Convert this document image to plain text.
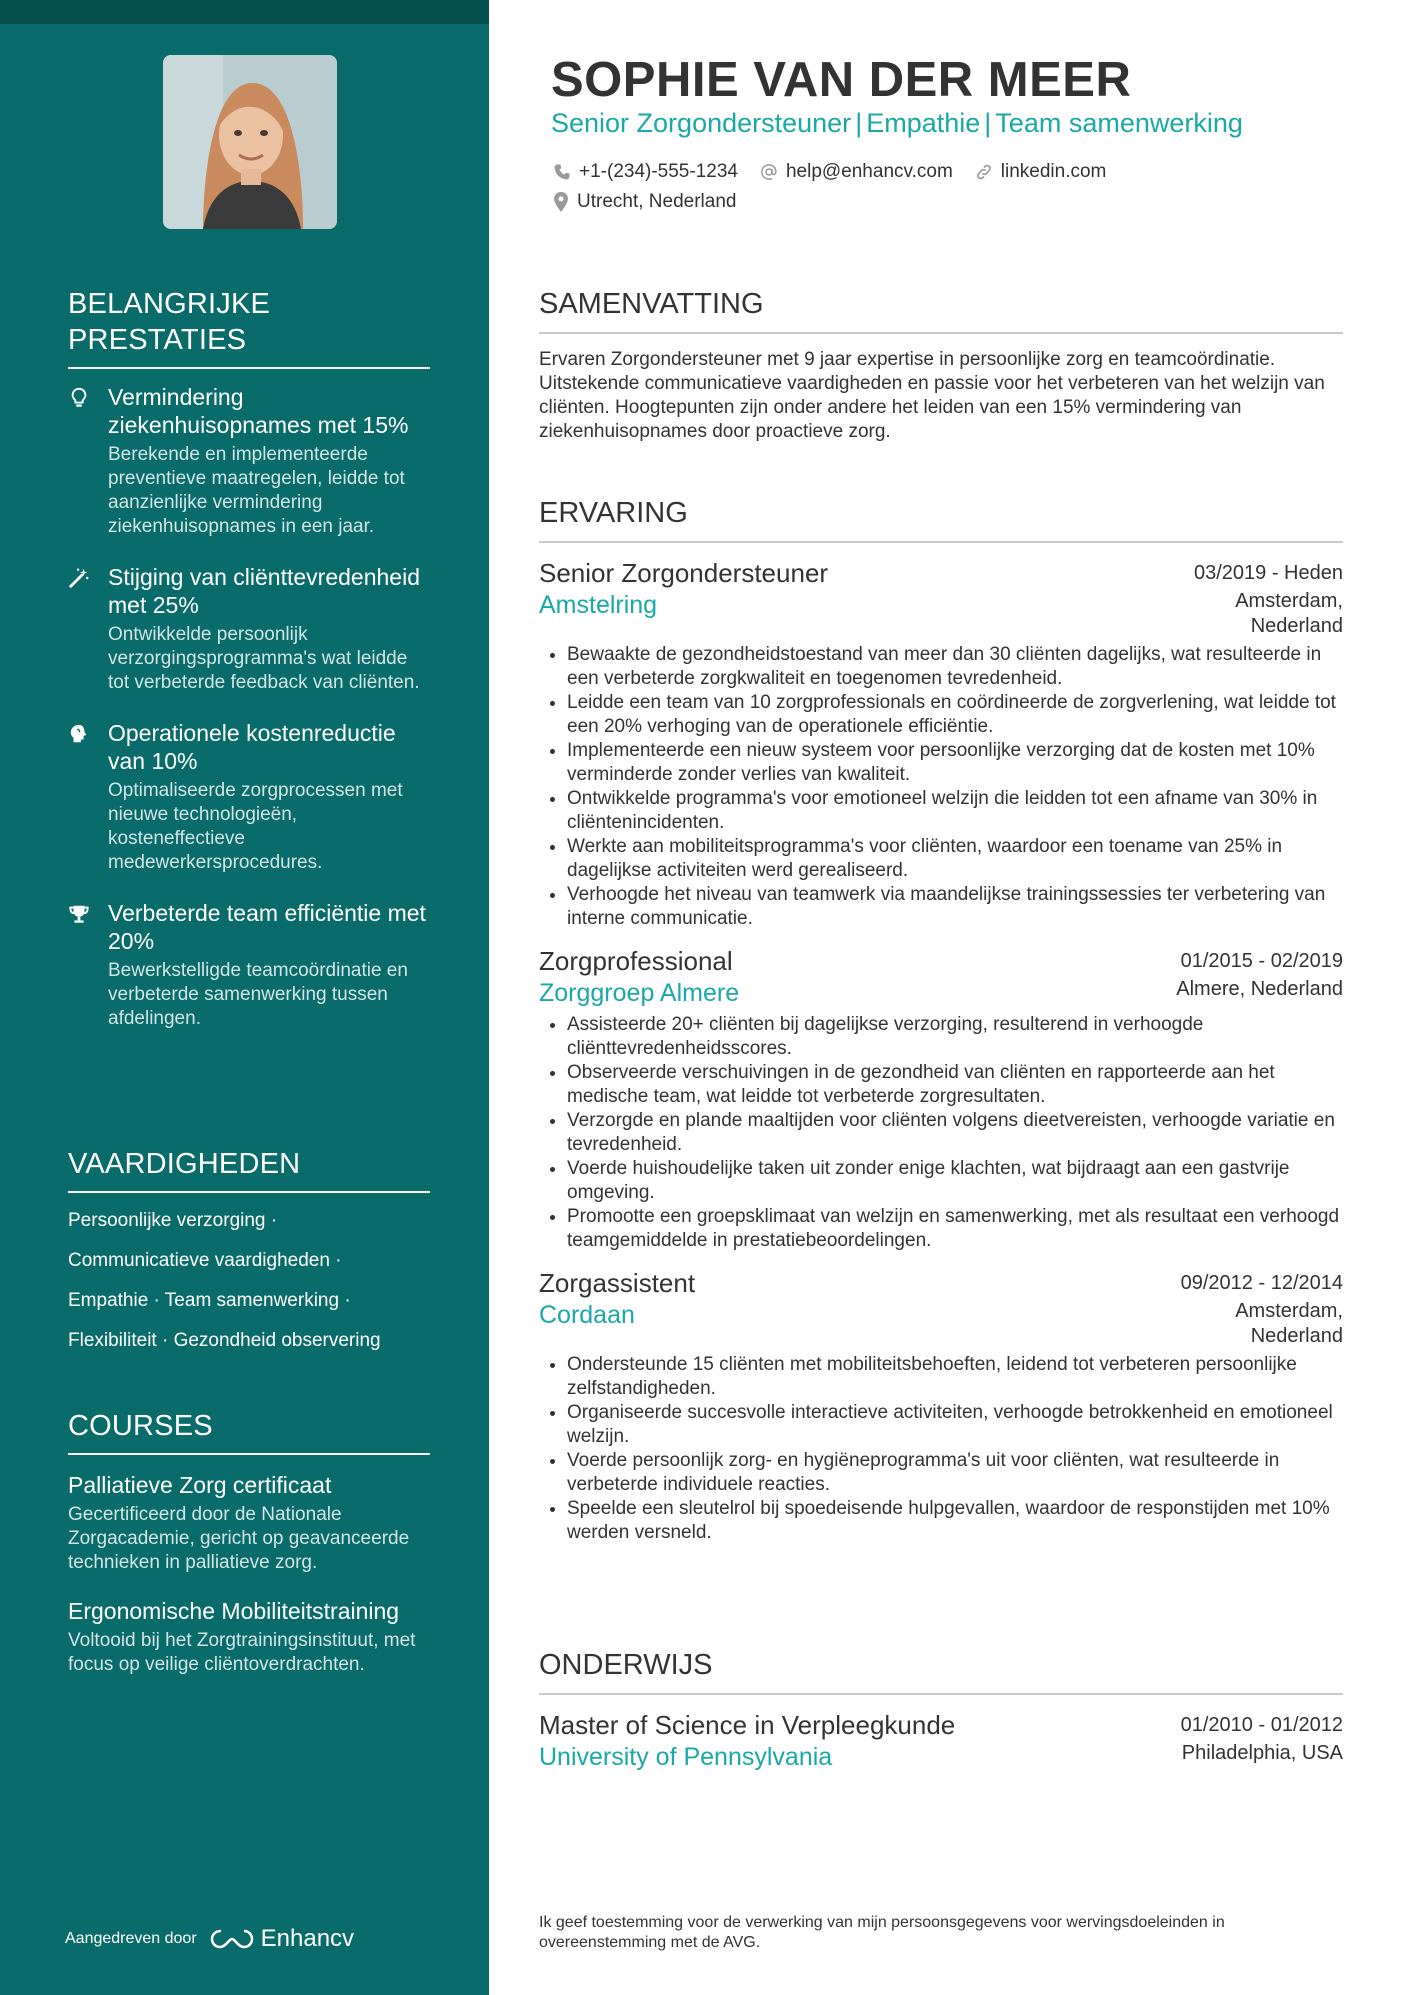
BELANGRIJKE PRESTATIES
Vermindering ziekenhuisopnames met 15%
Berekende en implementeerde preventieve maatregelen, leidde tot aanzienlijke vermindering ziekenhuisopnames in een jaar.
Stijging van cliënttevredenheid met 25%
Ontwikkelde persoonlijk verzorgingsprogramma's wat leidde tot verbeterde feedback van cliënten.
Operationele kostenreductie van 10%
Optimaliseerde zorgprocessen met nieuwe technologieën, kosteneffectieve medewerkersprocedures.
Verbeterde team efficiëntie met 20%
Bewerkstelligde teamcoördinatie en verbeterde samenwerking tussen afdelingen.
VAARDIGHEDEN
Persoonlijke verzorging ·
Communicatieve vaardigheden ·
Empathie · Team samenwerking ·
Flexibiliteit · Gezondheid observering
COURSES
Palliatieve Zorg certificaat
Gecertificeerd door de Nationale Zorgacademie, gericht op geavanceerde technieken in palliatieve zorg.
Ergonomische Mobiliteitstraining
Voltooid bij het Zorgtrainingsinstituut, met focus op veilige cliëntoverdrachten.
Aangedreven door	Enhancv
SOPHIE VAN DER MEER
Senior Zorgondersteuner | Empathie | Team samenwerking
+1-(234)-555-1234	help@enhancv.com	linkedin.com
Utrecht, Nederland
SAMENVATTING
Ervaren Zorgondersteuner met 9 jaar expertise in persoonlijke zorg en teamcoördinatie. Uitstekende communicatieve vaardigheden en passie voor het verbeteren van het welzijn van cliënten. Hoogtepunten zijn onder andere het leiden van een 15% vermindering van ziekenhuisopnames door proactieve zorg.
ERVARING
Senior Zorgondersteuner	03/2019 - Heden
Amstelring	Amsterdam, Nederland
• Bewaakte de gezondheidstoestand van meer dan 30 cliënten dagelijks, wat resulteerde in een verbeterde zorgkwaliteit en toegenomen tevredenheid.
• Leidde een team van 10 zorgprofessionals en coördineerde de zorgverlening, wat leidde tot een 20% verhoging van de operationele efficiëntie.
• Implementeerde een nieuw systeem voor persoonlijke verzorging dat de kosten met 10% verminderde zonder verlies van kwaliteit.
• Ontwikkelde programma's voor emotioneel welzijn die leidden tot een afname van 30% in cliëntenincidenten.
• Werkte aan mobiliteitsprogramma's voor cliënten, waardoor een toename van 25% in dagelijkse activiteiten werd gerealiseerd.
• Verhoogde het niveau van teamwerk via maandelijkse trainingssessies ter verbetering van interne communicatie.
Zorgprofessional	01/2015 - 02/2019
Zorggroep Almere	Almere, Nederland
• Assisteerde 20+ cliënten bij dagelijkse verzorging, resulterend in verhoogde cliënttevredenheidsscores.
• Observeerde verschuivingen in de gezondheid van cliënten en rapporteerde aan het medische team, wat leidde tot verbeterde zorgresultaten.
• Verzorgde en plande maaltijden voor cliënten volgens dieetvereisten, verhoogde variatie en tevredenheid.
• Voerde huishoudelijke taken uit zonder enige klachten, wat bijdraagt aan een gastvrije omgeving.
• Promootte een groepsklimaat van welzijn en samenwerking, met als resultaat een verhoogd teamgemiddelde in prestatiebeoordelingen.
Zorgassistent	09/2012 - 12/2014
Cordaan	Amsterdam, Nederland
• Ondersteunde 15 cliënten met mobiliteitsbehoeften, leidend tot verbeteren persoonlijke zelfstandigheden.
• Organiseerde succesvolle interactieve activiteiten, verhoogde betrokkenheid en emotioneel welzijn.
• Voerde persoonlijk zorg- en hygiëneprogramma's uit voor cliënten, wat resulteerde in verbeterde individuele reacties.
• Speelde een sleutelrol bij spoedeisende hulpgevallen, waardoor de responstijden met 10% werden versneld.
ONDERWIJS
Master of Science in Verpleegkunde	01/2010 - 01/2012
University of Pennsylvania	Philadelphia, USA
Ik geef toestemming voor de verwerking van mijn persoonsgegevens voor wervingsdoeleinden in overeenstemming met de AVG.
